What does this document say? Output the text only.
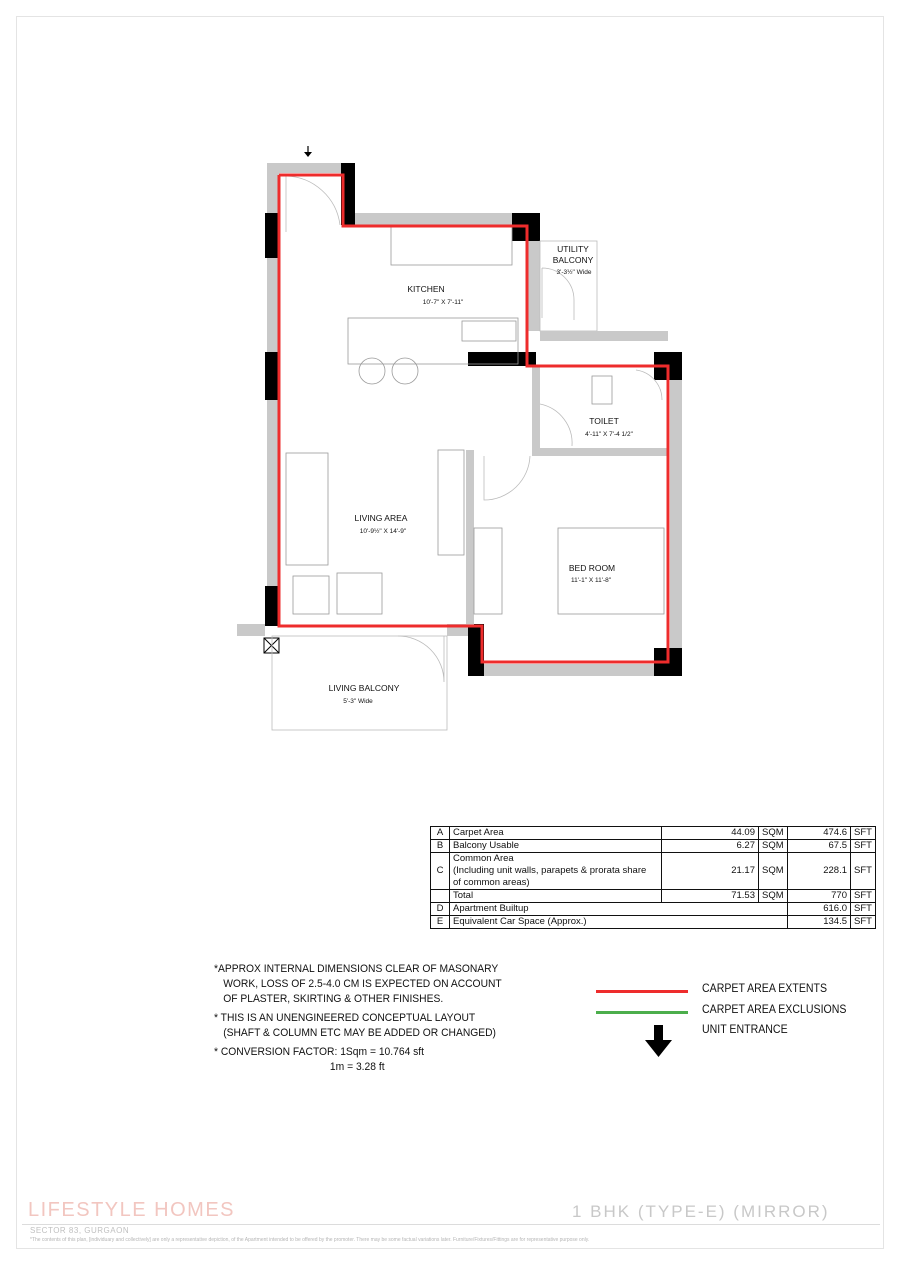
KITCHEN
10'-7" X 7'-11"
UTILITY
BALCONY
3'-3½" Wide
TOILET
4'-11" X 7'-4 1/2"
LIVING AREA
10'-9½" X 14'-9"
BED ROOM
11'-1" X 11'-8"
LIVING BALCONY
5'-3" Wide
A	Carpet Area	44.09	SQM	474.6	SFT
B	Balcony Usable	6.27	SQM	67.5	SFT
C	Common Area
(Including unit walls, parapets & prorata share
of common areas)	21.17	SQM	228.1	SFT
	Total	71.53	SQM	770	SFT
D	Apartment Builtup			616.0	SFT
E	Equivalent Car Space (Approx.)			134.5	SFT

*APPROX INTERNAL DIMENSIONS CLEAR OF MASONARY
WORK, LOSS OF 2.5-4.0 CM IS EXPECTED ON ACCOUNT
OF PLASTER, SKIRTING & OTHER FINISHES.

* THIS IS AN UNENGINEERED CONCEPTUAL LAYOUT
(SHAFT & COLUMN ETC MAY BE ADDED OR CHANGED)

* CONVERSION FACTOR: 1Sqm = 10.764 sft
1m = 3.28 ft

CARPET AREA EXTENTS
CARPET AREA EXCLUSIONS
UNIT ENTRANCE
LIFESTYLE HOMES	1 BHK (TYPE-E) (MIRROR)
SECTOR 83, GURGAON
*The contents of this plan, [individuary and collectively] are only a representative depiction, of the Apartment intended to be offered by the promoter. There may be some factual variations later. Furniture/Fixtures/Fittings are for representative purpose only.
